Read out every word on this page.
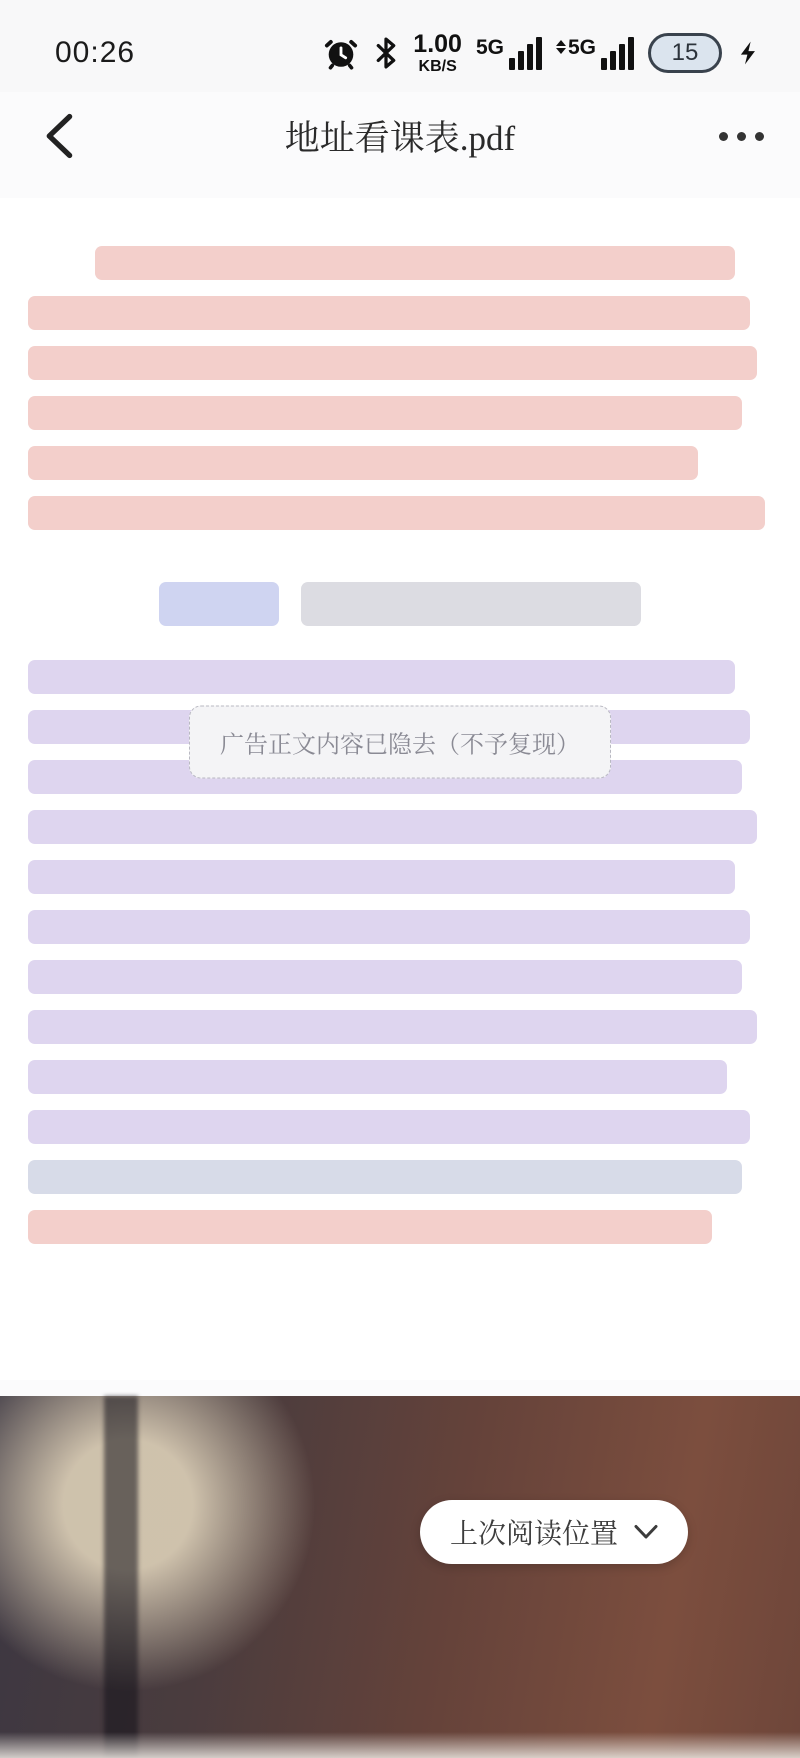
00:26	1.00
KB/S
5G	5G	15
地址看课表.pdf
广告正文内容已隐去（不予复现）
上次阅读位置
